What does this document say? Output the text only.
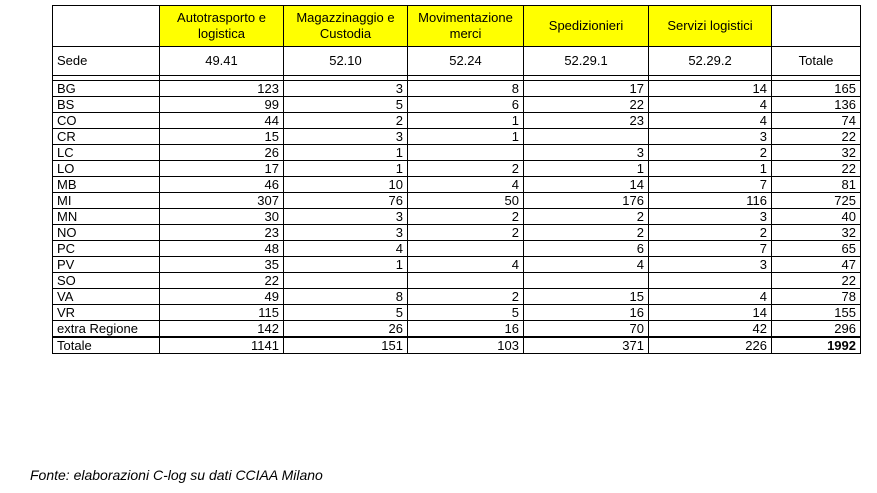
	Autotrasporto e logistica	Magazzinaggio e Custodia	Movimentazione merci	Spedizionieri	Servizi logistici	
Sede	49.41	52.10	52.24	52.29.1	52.29.2	Totale

BG	123	3	8	17	14	165
BS	99	5	6	22	4	136
CO	44	2	1	23	4	74
CR	15	3	1		3	22
LC	26	1		3	2	32
LO	17	1	2	1	1	22
MB	46	10	4	14	7	81
MI	307	76	50	176	116	725
MN	30	3	2	2	3	40
NO	23	3	2	2	2	32
PC	48	4		6	7	65
PV	35	1	4	4	3	47
SO	22					22
VA	49	8	2	15	4	78
VR	115	5	5	16	14	155
extra Regione	142	26	16	70	42	296
Totale	1141	151	103	371	226	1992
Fonte: elaborazioni C-log su dati CCIAA Milano
